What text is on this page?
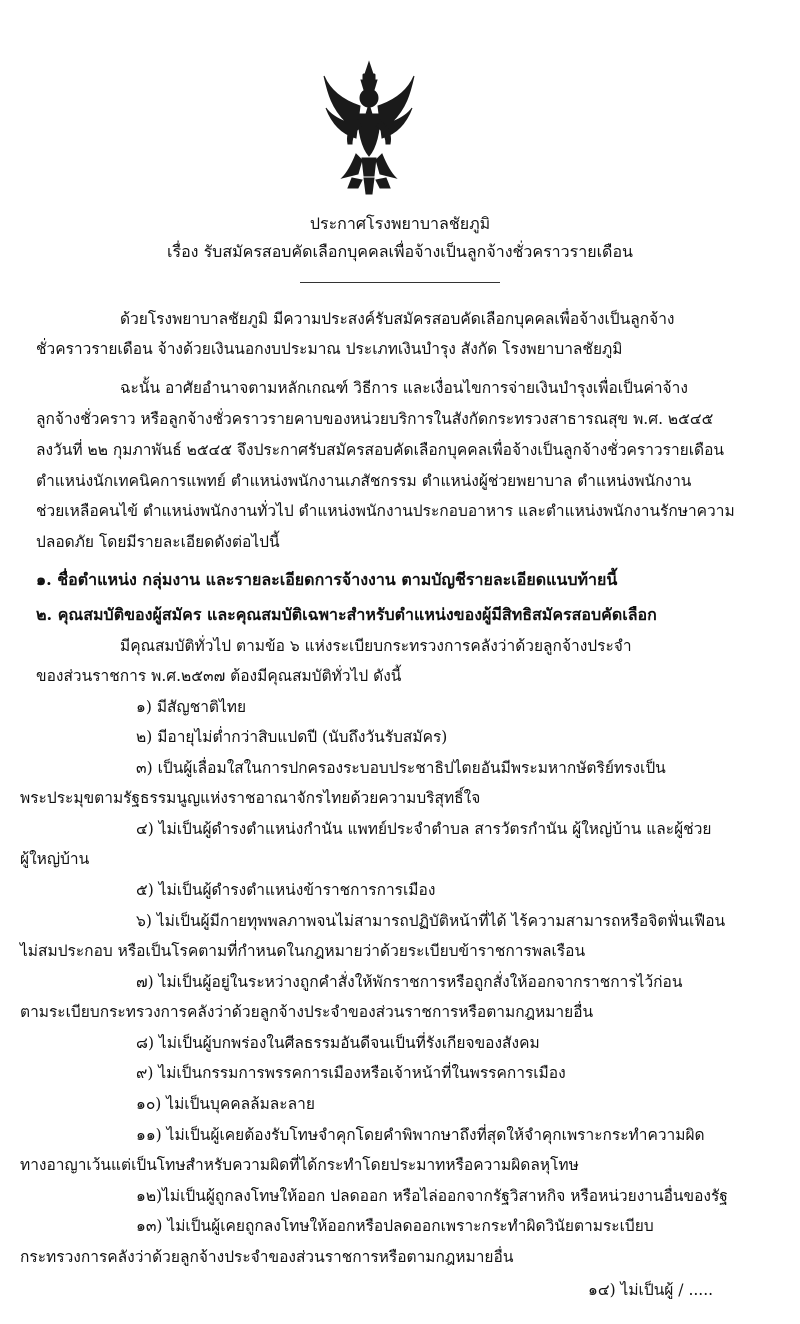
ประกาศโรงพยาบาลชัยภูมิ
เรื่อง รับสมัครสอบคัดเลือกบุคคลเพื่อจ้างเป็นลูกจ้างชั่วคราวรายเดือน
ด้วยโรงพยาบาลชัยภูมิ มีความประสงค์รับสมัครสอบคัดเลือกบุคคลเพื่อจ้างเป็นลูกจ้าง
ชั่วคราวรายเดือน จ้างด้วยเงินนอกงบประมาณ ประเภทเงินบำรุง สังกัด โรงพยาบาลชัยภูมิ
ฉะนั้น อาศัยอำนาจตามหลักเกณฑ์ วิธีการ และเงื่อนไขการจ่ายเงินบำรุงเพื่อเป็นค่าจ้าง
ลูกจ้างชั่วคราว หรือลูกจ้างชั่วคราวรายคาบของหน่วยบริการในสังกัดกระทรวงสาธารณสุข พ.ศ. ๒๕๔๕
ลงวันที่ ๒๒ กุมภาพันธ์ ๒๕๔๕ จึงประกาศรับสมัครสอบคัดเลือกบุคคลเพื่อจ้างเป็นลูกจ้างชั่วคราวรายเดือน
ตำแหน่งนักเทคนิคการแพทย์ ตำแหน่งพนักงานเภสัชกรรม ตำแหน่งผู้ช่วยพยาบาล ตำแหน่งพนักงาน
ช่วยเหลือคนไข้ ตำแหน่งพนักงานทั่วไป ตำแหน่งพนักงานประกอบอาหาร และตำแหน่งพนักงานรักษาความ
ปลอดภัย โดยมีรายละเอียดดังต่อไปนี้
๑. ชื่อตำแหน่ง กลุ่มงาน และรายละเอียดการจ้างงาน ตามบัญชีรายละเอียดแนบท้ายนี้
๒. คุณสมบัติของผู้สมัคร และคุณสมบัติเฉพาะสำหรับตำแหน่งของผู้มีสิทธิสมัครสอบคัดเลือก
มีคุณสมบัติทั่วไป ตามข้อ ๖ แห่งระเบียบกระทรวงการคลังว่าด้วยลูกจ้างประจำ
ของส่วนราชการ พ.ศ.๒๕๓๗ ต้องมีคุณสมบัติทั่วไป ดังนี้
๑) มีสัญชาติไทย
๒) มีอายุไม่ต่ำกว่าสิบแปดปี (นับถึงวันรับสมัคร)
๓) เป็นผู้เลื่อมใสในการปกครองระบอบประชาธิปไตยอันมีพระมหากษัตริย์ทรงเป็น
พระประมุขตามรัฐธรรมนูญแห่งราชอาณาจักรไทยด้วยความบริสุทธิ์ใจ
๔) ไม่เป็นผู้ดำรงตำแหน่งกำนัน แพทย์ประจำตำบล สารวัตรกำนัน ผู้ใหญ่บ้าน และผู้ช่วย
ผู้ใหญ่บ้าน
๕) ไม่เป็นผู้ดำรงตำแหน่งข้าราชการการเมือง
๖) ไม่เป็นผู้มีกายทุพพลภาพจนไม่สามารถปฏิบัติหน้าที่ได้ ไร้ความสามารถหรือจิตฟั่นเฟือน
ไม่สมประกอบ หรือเป็นโรคตามที่กำหนดในกฎหมายว่าด้วยระเบียบข้าราชการพลเรือน
๗) ไม่เป็นผู้อยู่ในระหว่างถูกคำสั่งให้พักราชการหรือถูกสั่งให้ออกจากราชการไว้ก่อน
ตามระเบียบกระทรวงการคลังว่าด้วยลูกจ้างประจำของส่วนราชการหรือตามกฎหมายอื่น
๘) ไม่เป็นผู้บกพร่องในศีลธรรมอันดีจนเป็นที่รังเกียจของสังคม
๙) ไม่เป็นกรรมการพรรคการเมืองหรือเจ้าหน้าที่ในพรรคการเมือง
๑๐) ไม่เป็นบุคคลล้มละลาย
๑๑) ไม่เป็นผู้เคยต้องรับโทษจำคุกโดยคำพิพากษาถึงที่สุดให้จำคุกเพราะกระทำความผิด
ทางอาญาเว้นแต่เป็นโทษสำหรับความผิดที่ได้กระทำโดยประมาทหรือความผิดลหุโทษ
๑๒)ไม่เป็นผู้ถูกลงโทษให้ออก ปลดออก หรือไล่ออกจากรัฐวิสาหกิจ หรือหน่วยงานอื่นของรัฐ
๑๓) ไม่เป็นผู้เคยถูกลงโทษให้ออกหรือปลดออกเพราะกระทำผิดวินัยตามระเบียบ
กระทรวงการคลังว่าด้วยลูกจ้างประจำของส่วนราชการหรือตามกฎหมายอื่น
๑๔) ไม่เป็นผู้ / .....
